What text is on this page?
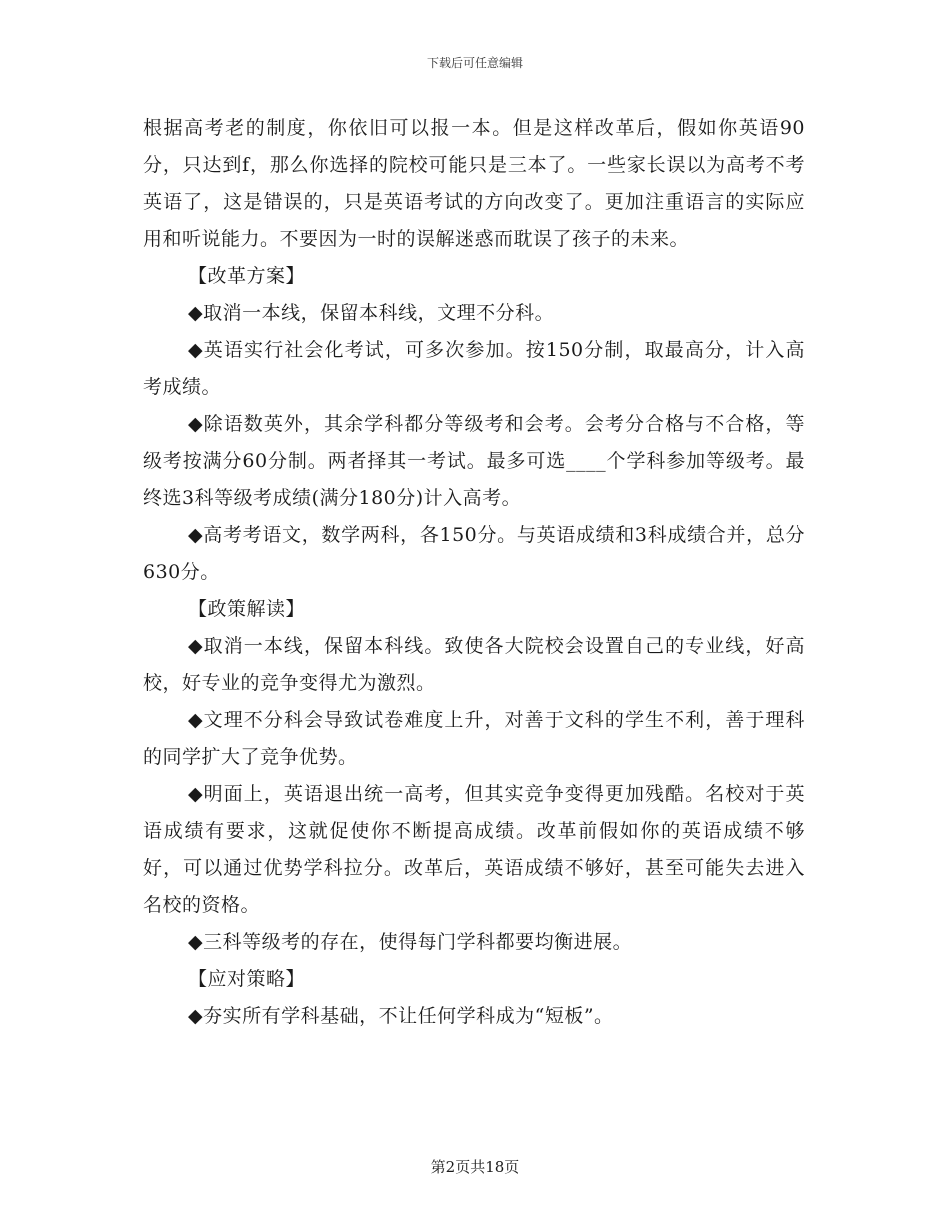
下载后可任意编辑

根据高考老的制度，你依旧可以报一本。但是这样改革后，假如你英语90分，只达到f，那么你选择的院校可能只是三本了。一些家长误以为高考不考英语了，这是错误的，只是英语考试的方向改变了。更加注重语言的实际应用和听说能力。不要因为一时的误解迷惑而耽误了孩子的未来。

【改革方案】

◆取消一本线，保留本科线，文理不分科。

◆英语实行社会化考试，可多次参加。按150分制，取最高分，计入高考成绩。

◆除语数英外，其余学科都分等级考和会考。会考分合格与不合格，等级考按满分60分制。两者择其一考试。最多可选____个学科参加等级考。最终选3科等级考成绩(满分180分)计入高考。

◆高考考语文，数学两科，各150分。与英语成绩和3科成绩合并，总分630分。

【政策解读】

◆取消一本线，保留本科线。致使各大院校会设置自己的专业线，好高校，好专业的竞争变得尤为激烈。

◆文理不分科会导致试卷难度上升，对善于文科的学生不利，善于理科的同学扩大了竞争优势。

◆明面上，英语退出统一高考，但其实竞争变得更加残酷。名校对于英语成绩有要求，这就促使你不断提高成绩。改革前假如你的英语成绩不够好，可以通过优势学科拉分。改革后，英语成绩不够好，甚至可能失去进入名校的资格。

◆三科等级考的存在，使得每门学科都要均衡进展。

【应对策略】

◆夯实所有学科基础，不让任何学科成为“短板”。

第2页共18页
